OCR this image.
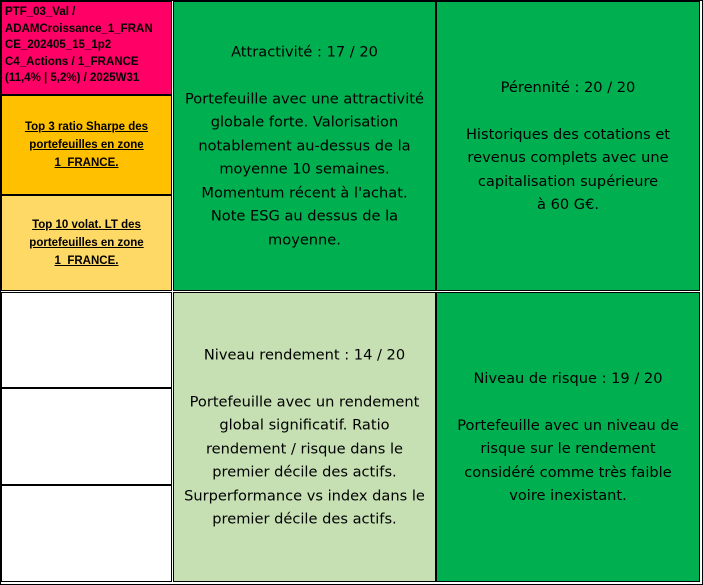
PTF_03_Val /
ADAMCroissance_1_FRAN
CE_202405_15_1p2
C4_Actions / 1_FRANCE
(11,4% | 5,2%) / 2025W31
Top 3 ratio Sharpe des
portefeuilles en zone
1_FRANCE.
Top 10 volat. LT des
portefeuilles en zone
1_FRANCE.
Attractivité : 17 / 20
Portefeuille avec une attractivité
globale forte. Valorisation
notablement au-dessus de la
moyenne 10 semaines.
Momentum récent à l'achat.
Note ESG au dessus de la
moyenne.
Pérennité : 20 / 20
Historiques des cotations et
revenus complets avec une
capitalisation supérieure
à 60 G€.
Niveau rendement : 14 / 20
Portefeuille avec un rendement
global significatif. Ratio
rendement / risque dans le
premier décile des actifs.
Surperformance vs index dans le
premier décile des actifs.
Niveau de risque : 19 / 20
Portefeuille avec un niveau de
risque sur le rendement
considéré comme très faible
voire inexistant.
